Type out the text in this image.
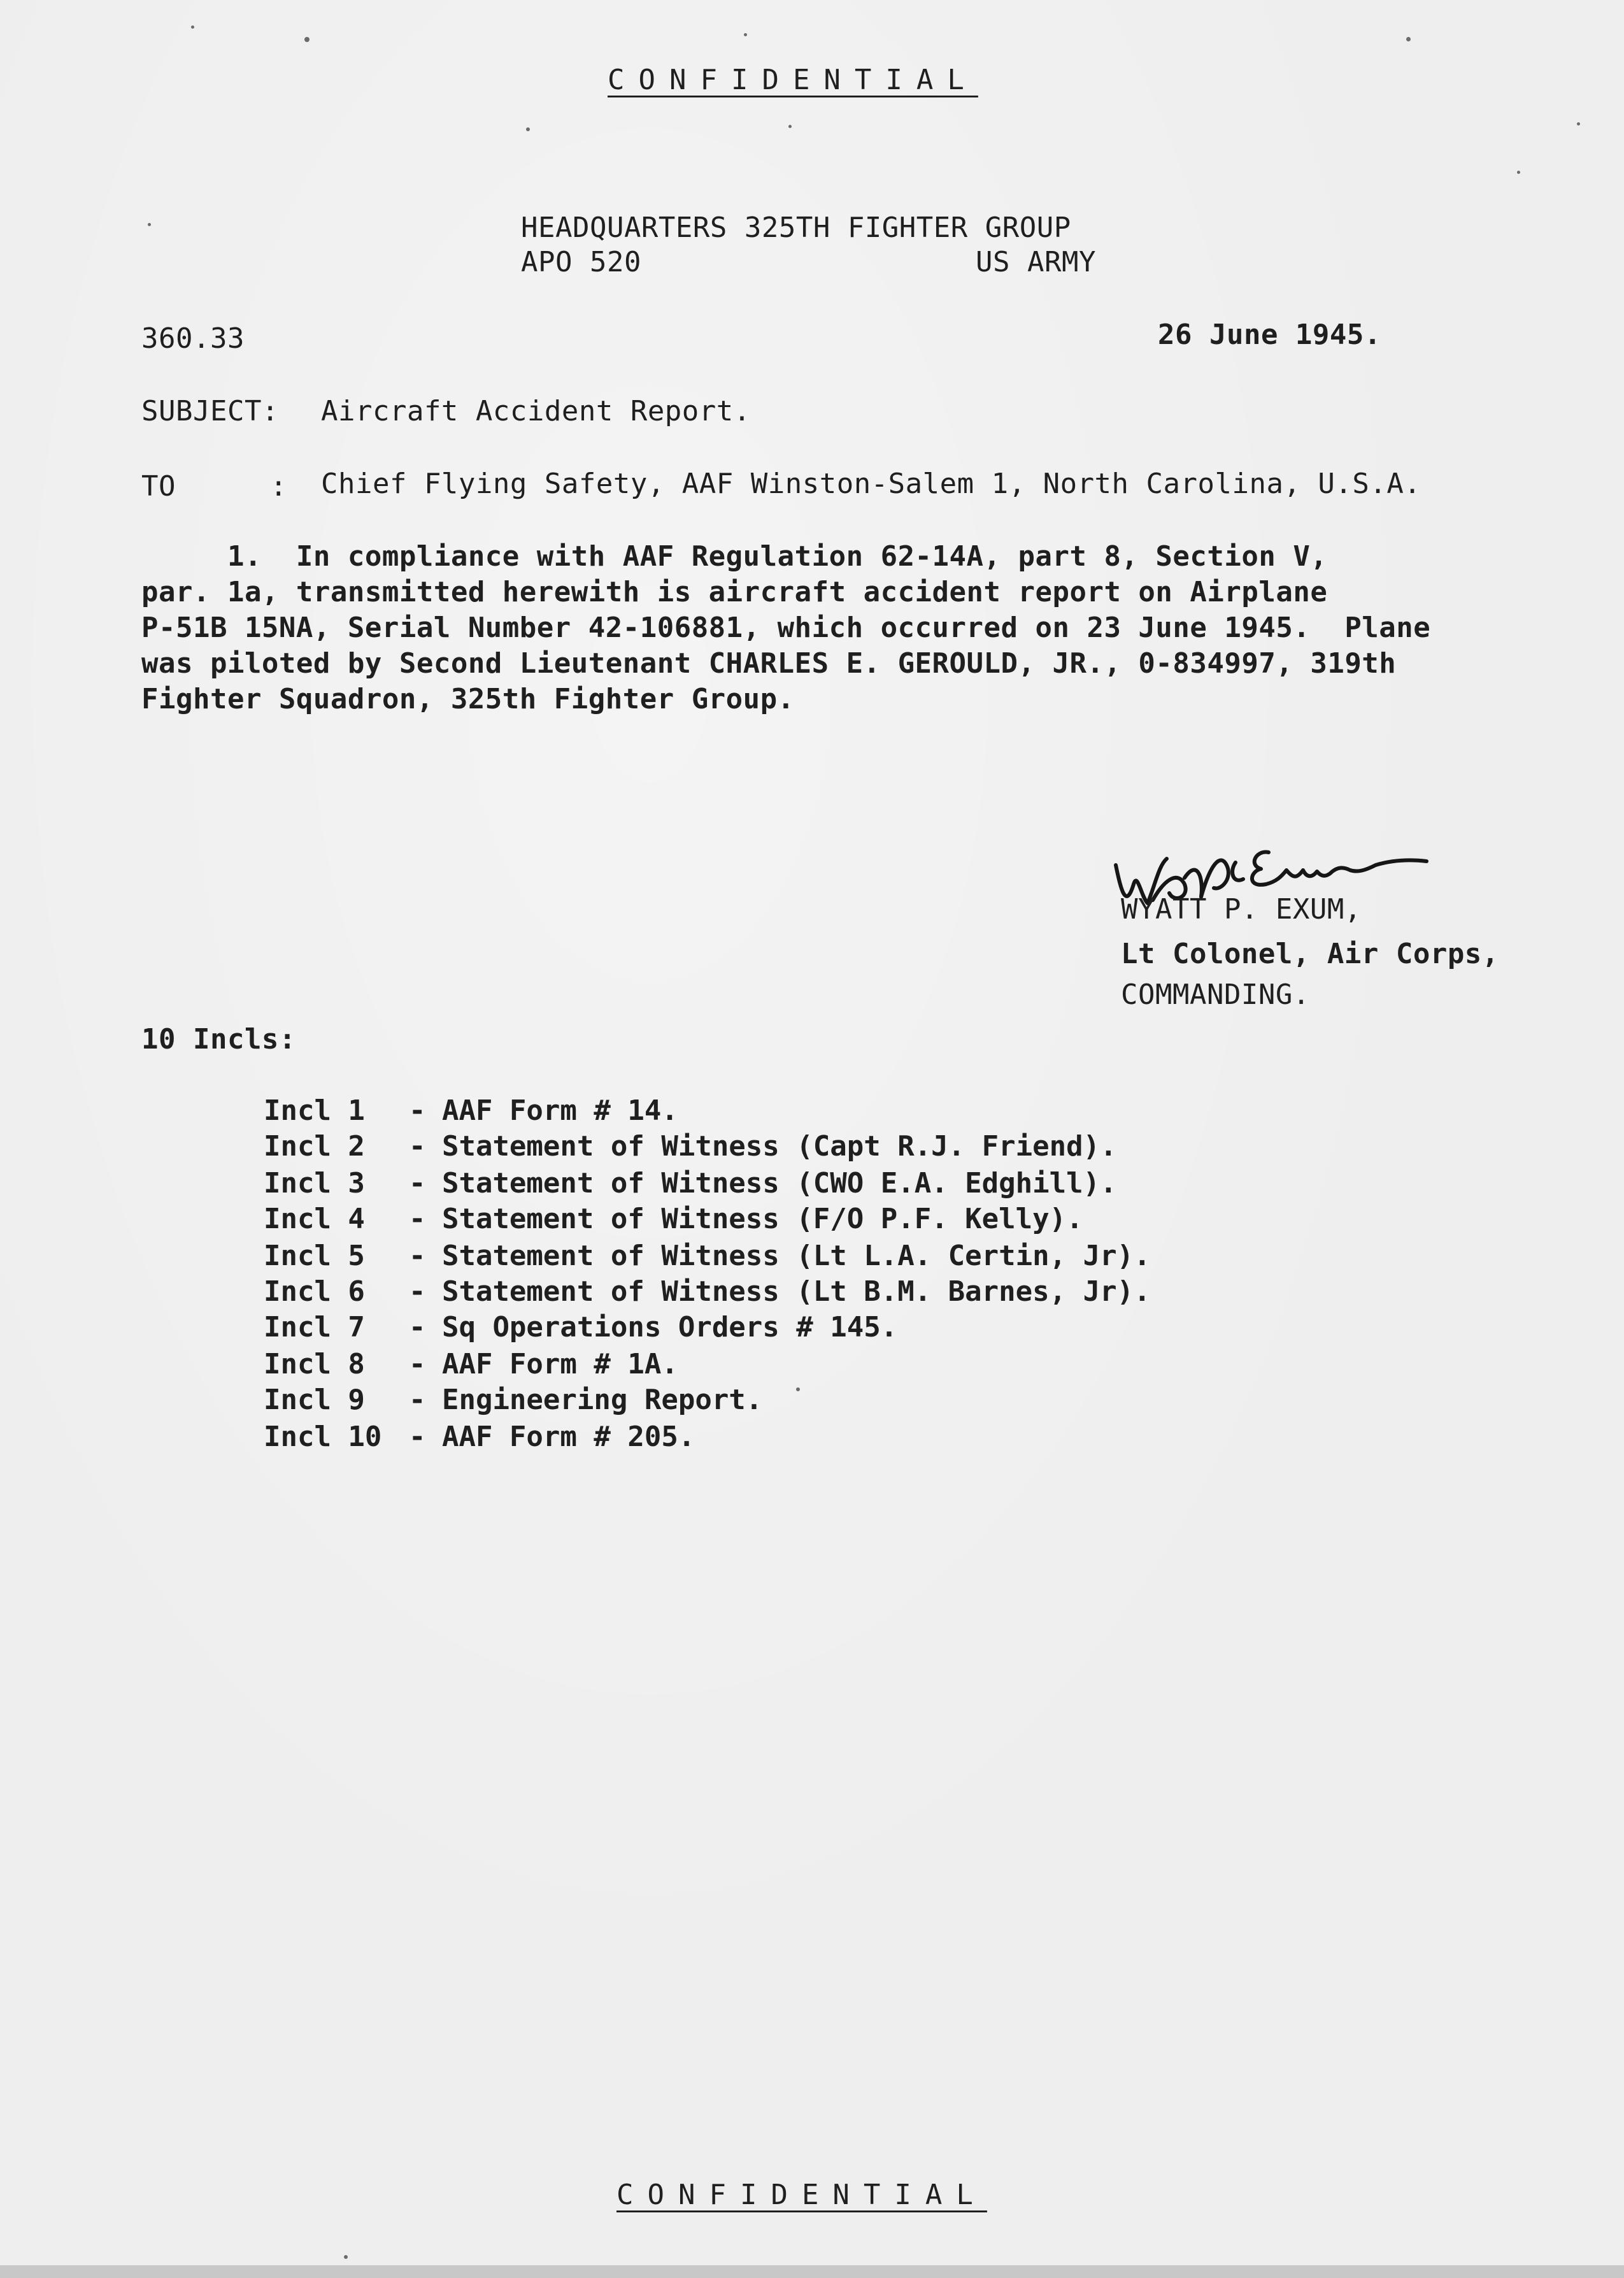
CONFIDENTIAL
HEADQUARTERS 325TH FIGHTER GROUP
APO 520	US ARMY
360.33	26 June 1945.
SUBJECT: Aircraft Accident Report.
TO	: Chief Flying Safety, AAF Winston-Salem 1, North Carolina, U.S.A.
1.  In compliance with AAF Regulation 62-14A, part 8, Section V,
par. 1a, transmitted herewith is aircraft accident report on Airplane
P-51B 15NA, Serial Number 42-106881, which occurred on 23 June 1945.  Plane
was piloted by Second Lieutenant CHARLES E. GEROULD, JR., 0-834997, 319th
Fighter Squadron, 325th Fighter Group.
WYATT P. EXUM,
Lt Colonel, Air Corps,
COMMANDING.
10 Incls:

Incl 1 - AAF Form # 14.

Incl 2 - Statement of Witness (Capt R.J. Friend).

Incl 3 - Statement of Witness (CWO E.A. Edghill).

Incl 4 - Statement of Witness (F/O P.F. Kelly).

Incl 5 - Statement of Witness (Lt L.A. Certin, Jr).

Incl 6 - Statement of Witness (Lt B.M. Barnes, Jr).

Incl 7 - Sq Operations Orders # 145.

Incl 8 - AAF Form # 1A.

Incl 9 - Engineering Report.

Incl 10 - AAF Form # 205.

CONFIDENTIAL
